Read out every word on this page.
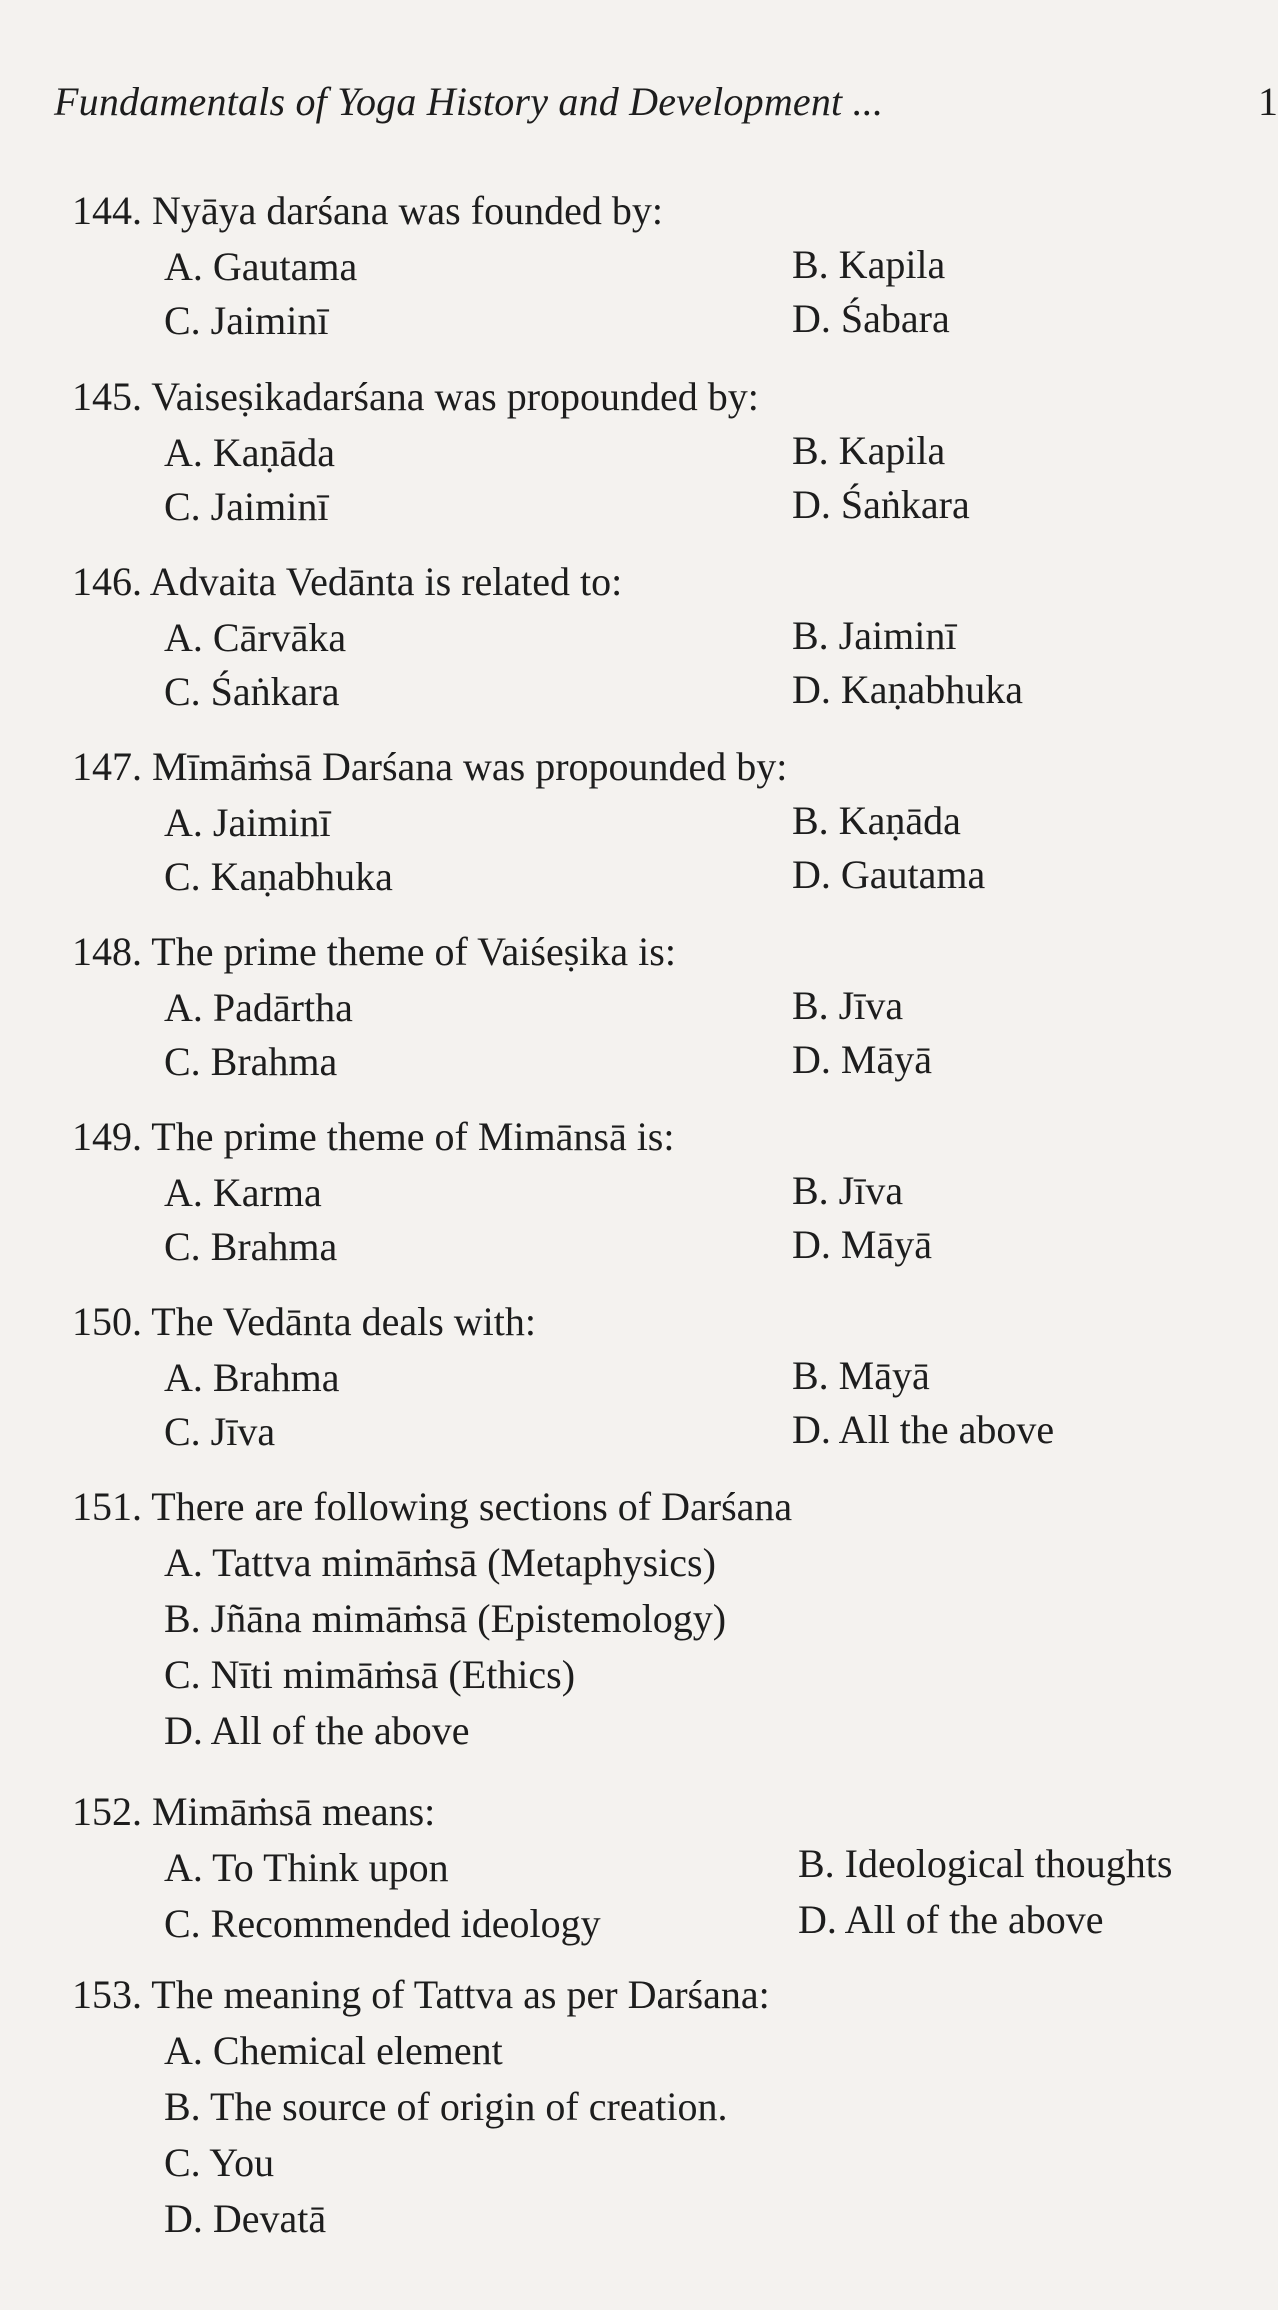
Fundamentals of Yoga History and Development ...	1
144. Nyāya darśana was founded by:
A. Gautama	B. Kapila
C. Jaiminī	D. Śabara
145. Vaiseṣikadarśana was propounded by:
A. Kaṇāda	B. Kapila
C. Jaiminī	D. Śaṅkara
146. Advaita Vedānta is related to:
A. Cārvāka	B. Jaiminī
C. Śaṅkara	D. Kaṇabhuka
147. Mīmāṁsā Darśana was propounded by:
A. Jaiminī	B. Kaṇāda
C. Kaṇabhuka	D. Gautama
148. The prime theme of Vaiśeṣika is:
A. Padārtha	B. Jīva
C. Brahma	D. Māyā
149. The prime theme of Mimānsā is:
A. Karma	B. Jīva
C. Brahma	D. Māyā
150. The Vedānta deals with:
A. Brahma	B. Māyā
C. Jīva	D. All the above
151. There are following sections of Darśana
A. Tattva mimāṁsā (Metaphysics)
B. Jñāna mimāṁsā (Epistemology)
C. Nīti mimāṁsā (Ethics)
D. All of the above
152. Mimāṁsā means:
A. To Think upon	B. Ideological thoughts
C. Recommended ideology	D. All of the above
153. The meaning of Tattva as per Darśana:
A. Chemical element
B. The source of origin of creation.
C. You
D. Devatā
